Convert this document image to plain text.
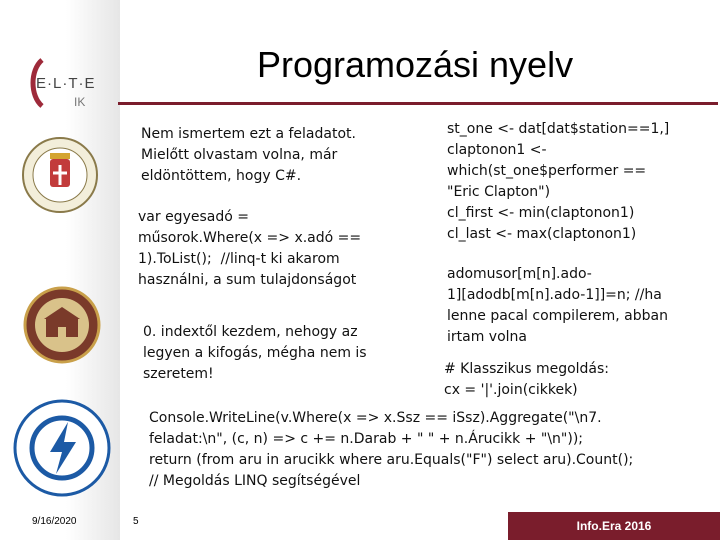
E·L·T·E
IK
Programozási nyelv
Nem ismertem ezt a feladatot.
Mielőtt olvastam volna, már
eldöntöttem, hogy C#.
var egyesadó =
műsorok.Where(x => x.adó ==
1).ToList();  //linq-t ki akarom
használni, a sum tulajdonságot
0. indextől kezdem, nehogy az
legyen a kifogás, mégha nem is
szeretem!
st_one <- dat[dat$station==1,]
claptonon1 <-
which(st_one$performer ==
"Eric Clapton")
cl_first <- min(claptonon1)
cl_last <- max(claptonon1)
adomusor[m[n].ado-
1][adodb[m[n].ado-1]]=n; //ha
lenne pacal compilerem, abban
irtam volna
# Klasszikus megoldás:
cx = '|'.join(cikkek)
Console.WriteLine(v.Where(x => x.Ssz == iSsz).Aggregate("\n7.
feladat:\n", (c, n) => c += n.Darab + " " + n.Árucikk + "\n"));
return (from aru in arucikk where aru.Equals("F") select aru).Count();
// Megoldás LINQ segítségével
9/16/2020	5	Info.Era 2016
